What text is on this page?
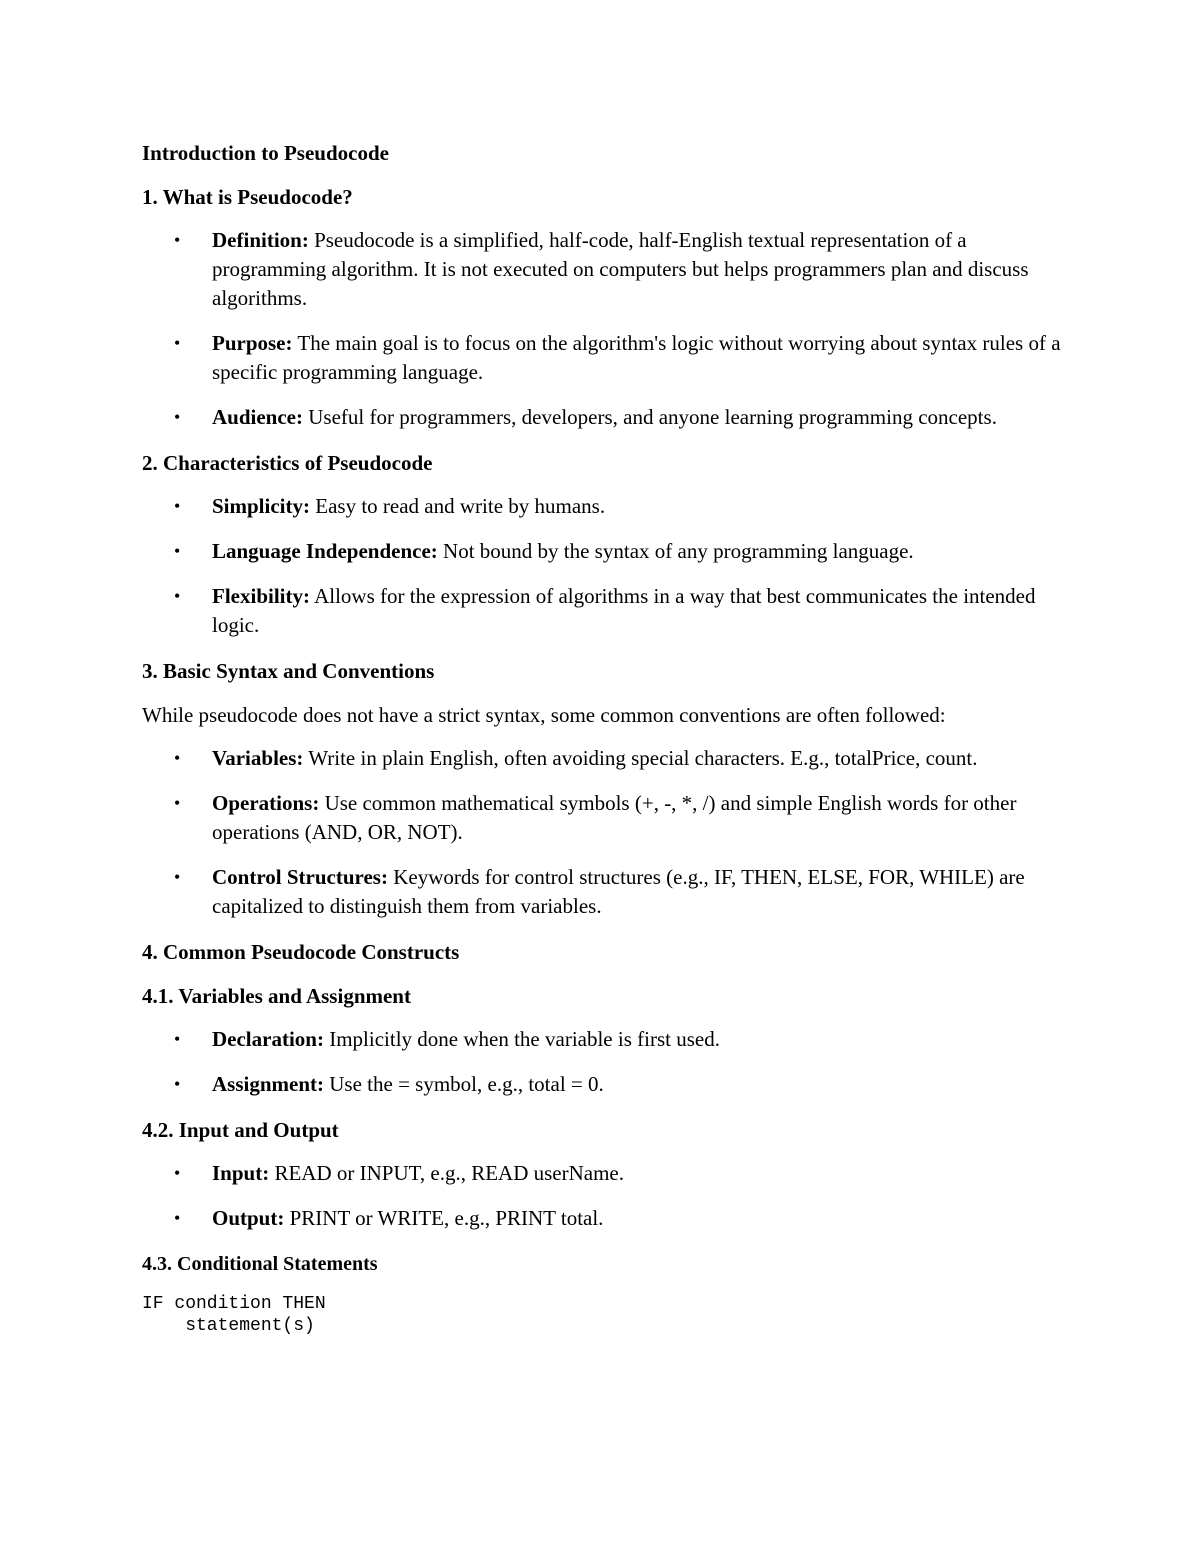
Introduction to Pseudocode

1. What is Pseudocode?

• Definition: Pseudocode is a simplified, half-code, half-English textual representation of a programming algorithm. It is not executed on computers but helps programmers plan and discuss algorithms.
• Purpose: The main goal is to focus on the algorithm's logic without worrying about syntax rules of a specific programming language.
• Audience: Useful for programmers, developers, and anyone learning programming concepts.

2. Characteristics of Pseudocode

• Simplicity: Easy to read and write by humans.
• Language Independence: Not bound by the syntax of any programming language.
• Flexibility: Allows for the expression of algorithms in a way that best communicates the intended logic.

3. Basic Syntax and Conventions

While pseudocode does not have a strict syntax, some common conventions are often followed:

• Variables: Write in plain English, often avoiding special characters. E.g., totalPrice, count.
• Operations: Use common mathematical symbols (+, -, *, /) and simple English words for other operations (AND, OR, NOT).
• Control Structures: Keywords for control structures (e.g., IF, THEN, ELSE, FOR, WHILE) are capitalized to distinguish them from variables.

4. Common Pseudocode Constructs

4.1. Variables and Assignment

• Declaration: Implicitly done when the variable is first used.
• Assignment: Use the = symbol, e.g., total = 0.

4.2. Input and Output

• Input: READ or INPUT, e.g., READ userName.
• Output: PRINT or WRITE, e.g., PRINT total.

4.3. Conditional Statements

IF condition THEN
statement(s)
